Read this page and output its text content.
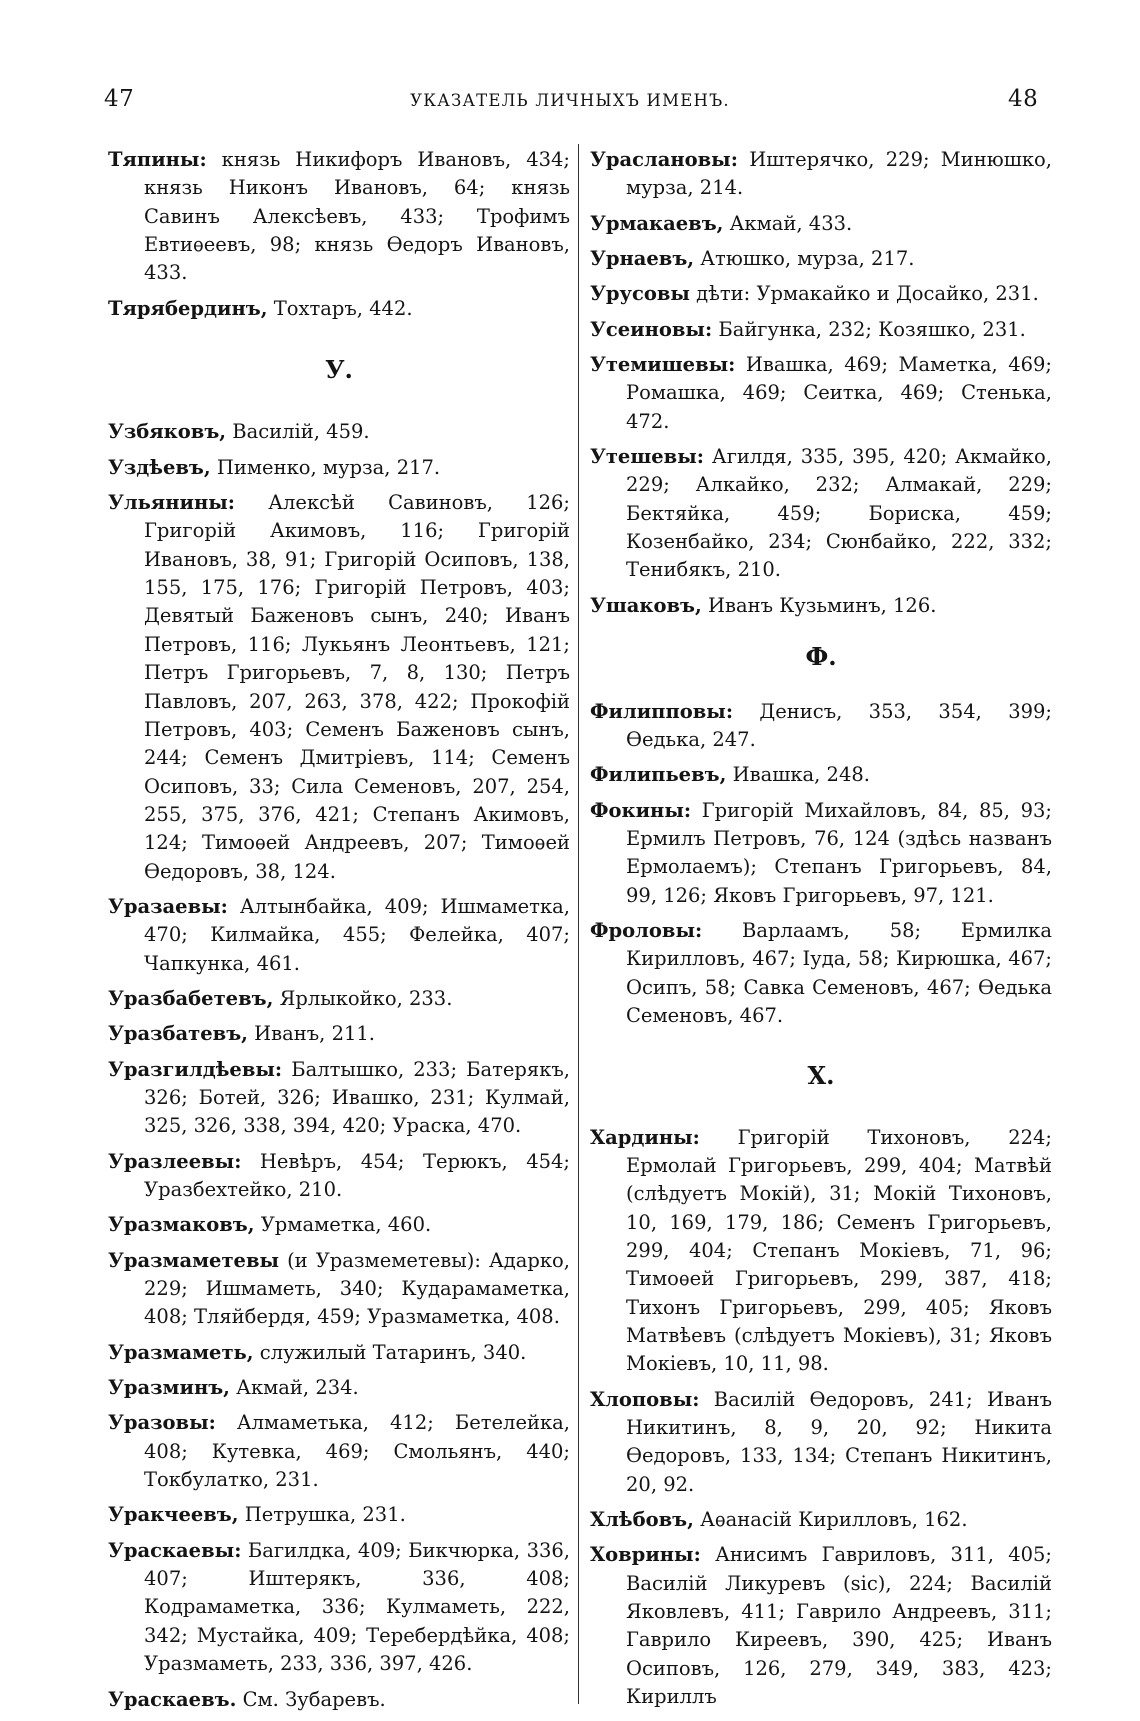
47	УКАЗАТЕЛЬ ЛИЧНЫХЪ ИМЕНЪ.	48
Тяпины: князь Никифоръ Ивановъ, 434; князь Никонъ Ивановъ, 64; князь Савинъ Алексѣевъ, 433; Трофимъ Евтиѳеевъ, 98; князь Ѳедоръ Ивановъ, 433.
Тярябердинъ, Тохтаръ, 442.
У.
Узбяковъ, Василій, 459.
Уздѣевъ, Пименко, мурза, 217.
Ульянины: Алексѣй Савиновъ, 126; Григорій Акимовъ, 116; Григорій Ивановъ, 38, 91; Григорій Осиповъ, 138, 155, 175, 176; Григорій Петровъ, 403; Девятый Баженовъ сынъ, 240; Иванъ Петровъ, 116; Лукьянъ Леонтьевъ, 121; Петръ Григорьевъ, 7, 8, 130; Петръ Павловъ, 207, 263, 378, 422; Прокофій Петровъ, 403; Семенъ Баженовъ сынъ, 244; Семенъ Дмитріевъ, 114; Семенъ Осиповъ, 33; Сила Семеновъ, 207, 254, 255, 375, 376, 421; Степанъ Акимовъ, 124; Тимоѳей Андреевъ, 207; Тимоѳей Ѳедоровъ, 38, 124.
Уразаевы: Алтынбайка, 409; Ишмаметка, 470; Килмайка, 455; Фелейка, 407; Чапкунка, 461.
Уразбабетевъ, Ярлыкойко, 233.
Уразбатевъ, Иванъ, 211.
Уразгилдѣевы: Балтышко, 233; Батерякъ, 326; Ботей, 326; Ивашко, 231; Кулмай, 325, 326, 338, 394, 420; Ураска, 470.
Уразлеевы: Невѣръ, 454; Терюкъ, 454; Уразбехтейко, 210.
Уразмаковъ, Урмаметка, 460.
Уразмаметевы (и Уразмеметевы): Адарко, 229; Ишмаметь, 340; Кударамаметка, 408; Тляйбердя, 459; Уразмаметка, 408.
Уразмаметь, служилый Татаринъ, 340.
Уразминъ, Акмай, 234.
Уразовы: Алмаметька, 412; Бетелейка, 408; Кутевка, 469; Смольянъ, 440; Токбулатко, 231.
Уракчеевъ, Петрушка, 231.
Ураскаевы: Багилдка, 409; Бикчюрка, 336, 407; Иштерякъ, 336, 408; Кодрамаметка, 336; Кулмаметь, 222, 342; Мустайка, 409; Теребердѣйка, 408; Уразмаметь, 233, 336, 397, 426.
Ураскаевъ. См. Зубаревъ.
Урaслановы: Иштерячко, 229; Минюшко, мурза, 214.
Урмакаевъ, Акмай, 433.
Урнаевъ, Атюшко, мурза, 217.
Урусовы дѣти: Урмакайко и Досайко, 231.
Усеиновы: Байгунка, 232; Козяшко, 231.
Утемишевы: Ивашка, 469; Маметка, 469; Ромашка, 469; Сеитка, 469; Стенька, 472.
Утешевы: Агилдя, 335, 395, 420; Акмайко, 229; Алкайко, 232; Алмакай, 229; Бектяйка, 459; Бориска, 459; Козенбайко, 234; Сюнбайко, 222, 332; Тенибякъ, 210.
Ушаковъ, Иванъ Кузьминъ, 126.
Ф.
Филипповы: Денисъ, 353, 354, 399; Ѳедька, 247.
Филипьевъ, Ивашка, 248.
Фокины: Григорій Михайловъ, 84, 85, 93; Ермилъ Петровъ, 76, 124 (здѣсь названъ Ермолаемъ); Степанъ Григорьевъ, 84, 99, 126; Яковъ Григорьевъ, 97, 121.
Фроловы: Варлаамъ, 58; Ермилка Кирилловъ, 467; Іуда, 58; Кирюшка, 467; Осипъ, 58; Савка Семеновъ, 467; Ѳедька Семеновъ, 467.
Х.
Хардины: Григорій Тихоновъ, 224; Ермолай Григорьевъ, 299, 404; Матвѣй (слѣдуетъ Мокій), 31; Мокій Тихоновъ, 10, 169, 179, 186; Семенъ Григорьевъ, 299, 404; Степанъ Мокіевъ, 71, 96; Тимоѳей Григорьевъ, 299, 387, 418; Тихонъ Григорьевъ, 299, 405; Яковъ Матвѣевъ (слѣдуетъ Мокіевъ), 31; Яковъ Мокіевъ, 10, 11, 98.
Хлоповы: Василій Ѳедоровъ, 241; Иванъ Никитинъ, 8, 9, 20, 92; Никита Ѳедоровъ, 133, 134; Степанъ Никитинъ, 20, 92.
Хлѣбовъ, Аѳанасій Кирилловъ, 162.
Ховрины: Анисимъ Гавриловъ, 311, 405; Василій Ликуревъ (sic), 224; Василій Яковлевъ, 411; Гаврило Андреевъ, 311; Гаврило Киреевъ, 390, 425; Иванъ Осиповъ, 126, 279, 349, 383, 423; Кириллъ
